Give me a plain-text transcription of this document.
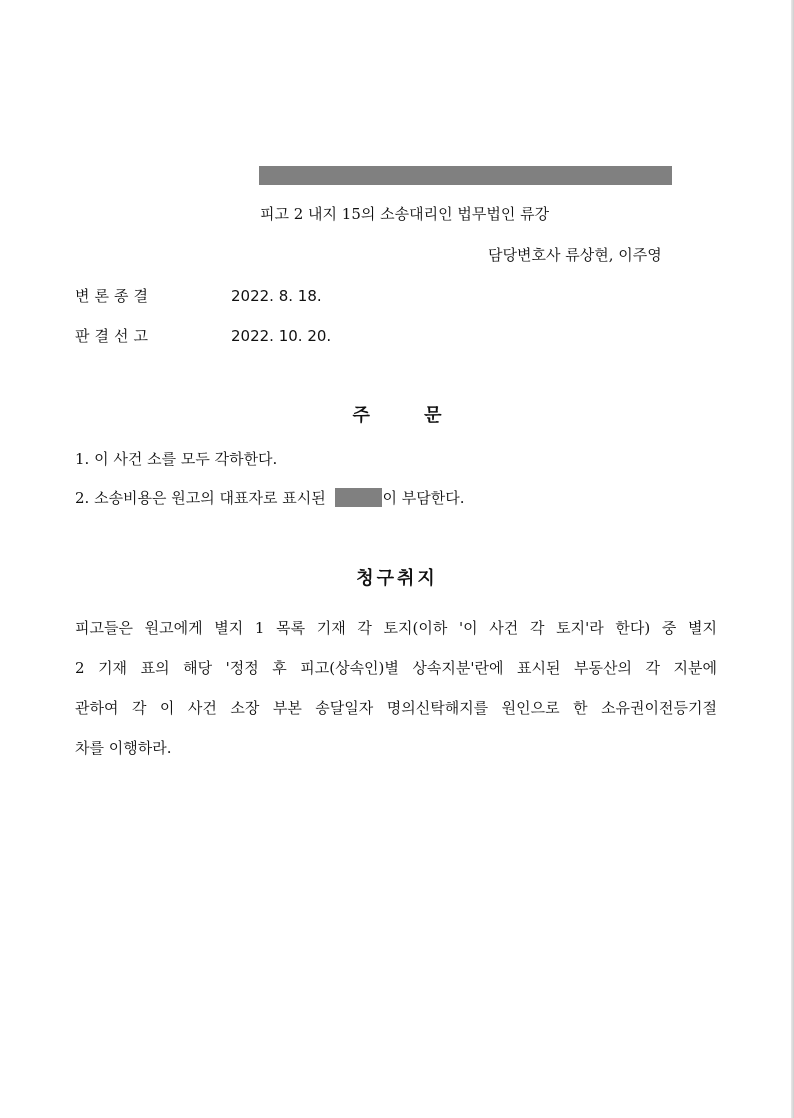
피고 2 내지 15의 소송대리인 법무법인 류강
담당변호사 류상현, 이주영
변론종결	2022. 8. 18.
판결선고	2022. 10. 20.
주 문
1. 이 사건 소를 모두 각하한다.
2. 소송비용은 원고의 대표자로 표시된	이 부담한다.
청구취지
피고들은 원고에게 별지 1 목록 기재 각 토지(이하 '이 사건 각 토지'라 한다) 중 별지
2 기재 표의 해당 '정정 후 피고(상속인)별 상속지분'란에 표시된 부동산의 각 지분에
관하여 각 이 사건 소장 부본 송달일자 명의신탁해지를 원인으로 한 소유권이전등기절
차를 이행하라.
